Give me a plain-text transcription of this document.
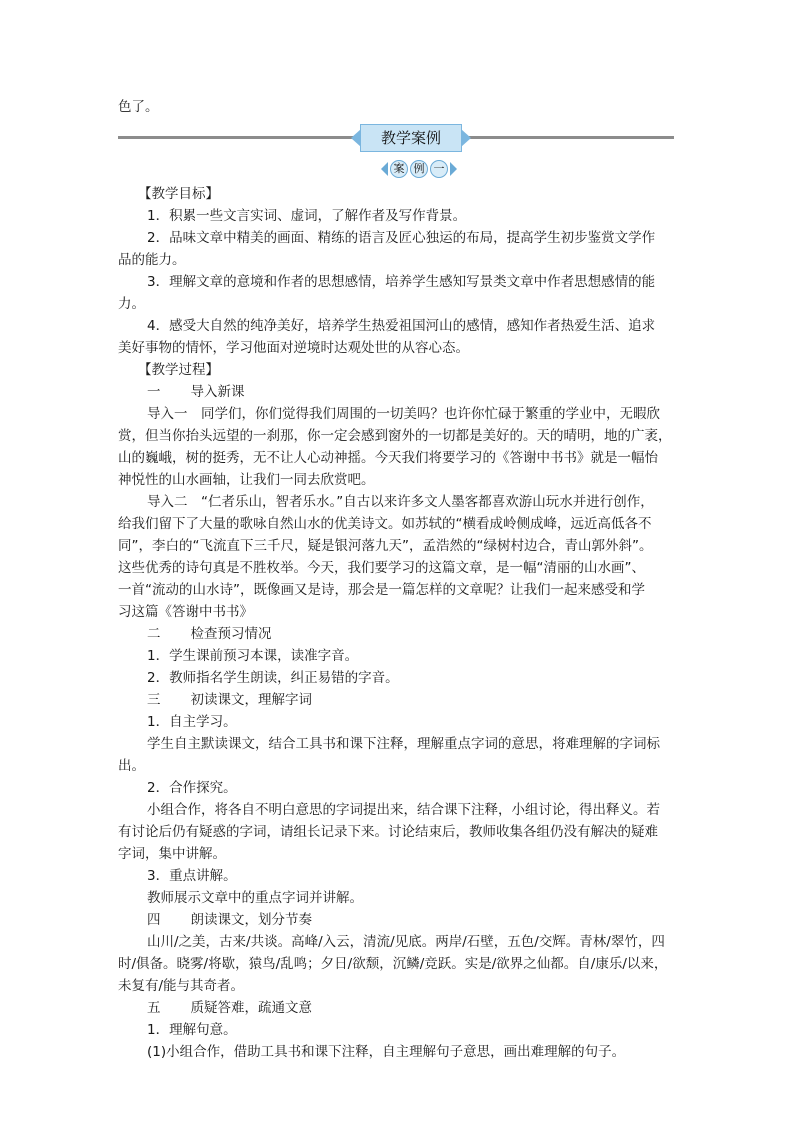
色了。
教学案例
案 例 一
【教学目标】
1．积累一些文言实词、虚词，了解作者及写作背景。
2．品味文章中精美的画面、精练的语言及匠心独运的布局，提高学生初步鉴赏文学作
品的能力。
3．理解文章的意境和作者的思想感情，培养学生感知写景类文章中作者思想感情的能
力。
4．感受大自然的纯净美好，培养学生热爱祖国河山的感情，感知作者热爱生活、追求
美好事物的情怀，学习他面对逆境时达观处世的从容心态。
【教学过程】
一 导入新课
导入一　同学们，你们觉得我们周围的一切美吗？也许你忙碌于繁重的学业中，无暇欣
赏，但当你抬头远望的一刹那，你一定会感到窗外的一切都是美好的。天的晴明，地的广袤，
山的巍峨，树的挺秀，无不让人心动神摇。今天我们将要学习的《答谢中书书》就是一幅怡
神悦性的山水画轴，让我们一同去欣赏吧。
导入二　“仁者乐山，智者乐水。”自古以来许多文人墨客都喜欢游山玩水并进行创作，
给我们留下了大量的歌咏自然山水的优美诗文。如苏轼的“横看成岭侧成峰，远近高低各不
同”，李白的“飞流直下三千尺，疑是银河落九天”，孟浩然的“绿树村边合，青山郭外斜”。
这些优秀的诗句真是不胜枚举。今天，我们要学习的这篇文章，是一幅“清丽的山水画”、
一首“流动的山水诗”，既像画又是诗，那会是一篇怎样的文章呢？让我们一起来感受和学
习这篇《答谢中书书》
二 检查预习情况
1．学生课前预习本课，读准字音。
2．教师指名学生朗读，纠正易错的字音。
三 初读课文，理解字词
1．自主学习。
学生自主默读课文，结合工具书和课下注释，理解重点字词的意思，将难理解的字词标
出。
2．合作探究。
小组合作，将各自不明白意思的字词提出来，结合课下注释，小组讨论，得出释义。若
有讨论后仍有疑惑的字词，请组长记录下来。讨论结束后，教师收集各组仍没有解决的疑难
字词，集中讲解。
3．重点讲解。
教师展示文章中的重点字词并讲解。
四 朗读课文，划分节奏
山川/之美，古来/共谈。高峰/入云，清流/见底。两岸/石壁，五色/交辉。青林/翠竹，四
时/俱备。晓雾/将歇，猿鸟/乱鸣；夕日/欲颓，沉鳞/竞跃。实是/欲界之仙都。自/康乐/以来，
未复有/能与其奇者。
五 质疑答难，疏通文意
1．理解句意。
(1)小组合作，借助工具书和课下注释，自主理解句子意思，画出难理解的句子。
